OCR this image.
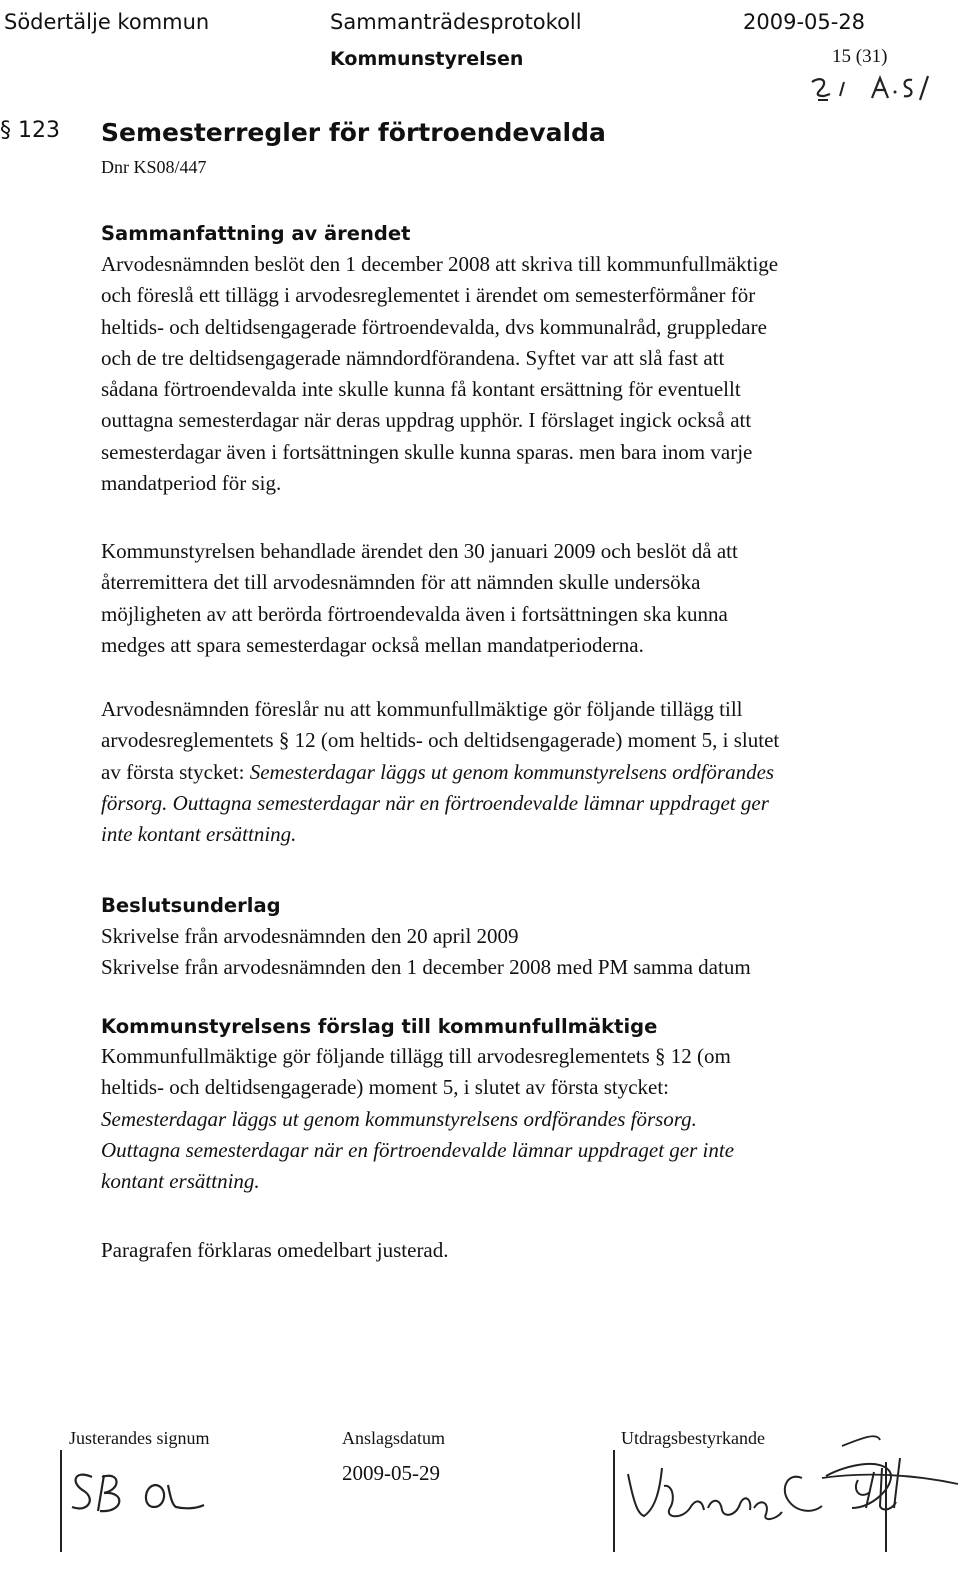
Södertälje kommun	Sammanträdesprotokoll	2009-05-28
Kommunstyrelsen	15 (31)
§ 123 Semesterregler för förtroendevalda
Dnr KS08/447
Sammanfattning av ärendet
Arvodesnämnden beslöt den 1 december 2008 att skriva till kommunfullmäktige
och föreslå ett tillägg i arvodesreglementet i ärendet om semesterförmåner för
heltids- och deltidsengagerade förtroendevalda, dvs kommunalråd, gruppledare
och de tre deltidsengagerade nämndordförandena. Syftet var att slå fast att
sådana förtroendevalda inte skulle kunna få kontant ersättning för eventuellt
outtagna semesterdagar när deras uppdrag upphör. I förslaget ingick också att
semesterdagar även i fortsättningen skulle kunna sparas. men bara inom varje
mandatperiod för sig.
Kommunstyrelsen behandlade ärendet den 30 januari 2009 och beslöt då att
återremittera det till arvodesnämnden för att nämnden skulle undersöka
möjligheten av att berörda förtroendevalda även i fortsättningen ska kunna
medges att spara semesterdagar också mellan mandatperioderna.
Arvodesnämnden föreslår nu att kommunfullmäktige gör följande tillägg till
arvodesreglementets § 12 (om heltids- och deltidsengagerade) moment 5, i slutet
av första stycket: Semesterdagar läggs ut genom kommunstyrelsens ordförandes
försorg. Outtagna semesterdagar när en förtroendevalde lämnar uppdraget ger
inte kontant ersättning.
Beslutsunderlag
Skrivelse från arvodesnämnden den 20 april 2009
Skrivelse från arvodesnämnden den 1 december 2008 med PM samma datum
Kommunstyrelsens förslag till kommunfullmäktige
Kommunfullmäktige gör följande tillägg till arvodesreglementets § 12 (om
heltids- och deltidsengagerade) moment 5, i slutet av första stycket:
Semesterdagar läggs ut genom kommunstyrelsens ordförandes försorg.
Outtagna semesterdagar när en förtroendevalde lämnar uppdraget ger inte
kontant ersättning.
Paragrafen förklaras omedelbart justerad.
Justerandes signum	Anslagsdatum
2009-05-29
Utdragsbestyrkande
